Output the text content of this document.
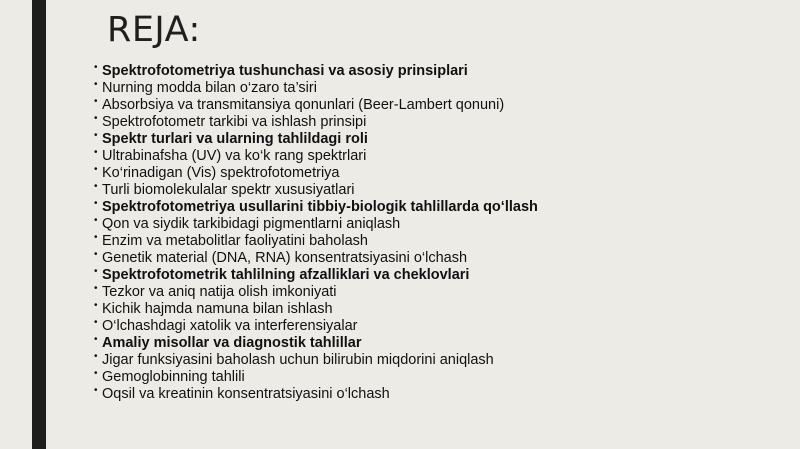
REJA:
• Spektrofotometriya tushunchasi va asosiy prinsiplari
• Nurning modda bilan o‘zaro ta’siri
• Absorbsiya va transmitansiya qonunlari (Beer-Lambert qonuni)
• Spektrofotometr tarkibi va ishlash prinsipi
• Spektr turlari va ularning tahlildagi roli
• Ultrabinafsha (UV) va ko‘k rang spektrlari
• Ko‘rinadigan (Vis) spektrofotometriya
• Turli biomolekulalar spektr xususiyatlari
• Spektrofotometriya usullarini tibbiy-biologik tahlillarda qo‘llash
• Qon va siydik tarkibidagi pigmentlarni aniqlash
• Enzim va metabolitlar faoliyatini baholash
• Genetik material (DNA, RNA) konsentratsiyasini o‘lchash
• Spektrofotometrik tahlilning afzalliklari va cheklovlari
• Tezkor va aniq natija olish imkoniyati
• Kichik hajmda namuna bilan ishlash
• O‘lchashdagi xatolik va interferensiyalar
• Amaliy misollar va diagnostik tahlillar
• Jigar funksiyasini baholash uchun bilirubin miqdorini aniqlash
• Gemoglobinning tahlili
• Oqsil va kreatinin konsentratsiyasini o‘lchash
